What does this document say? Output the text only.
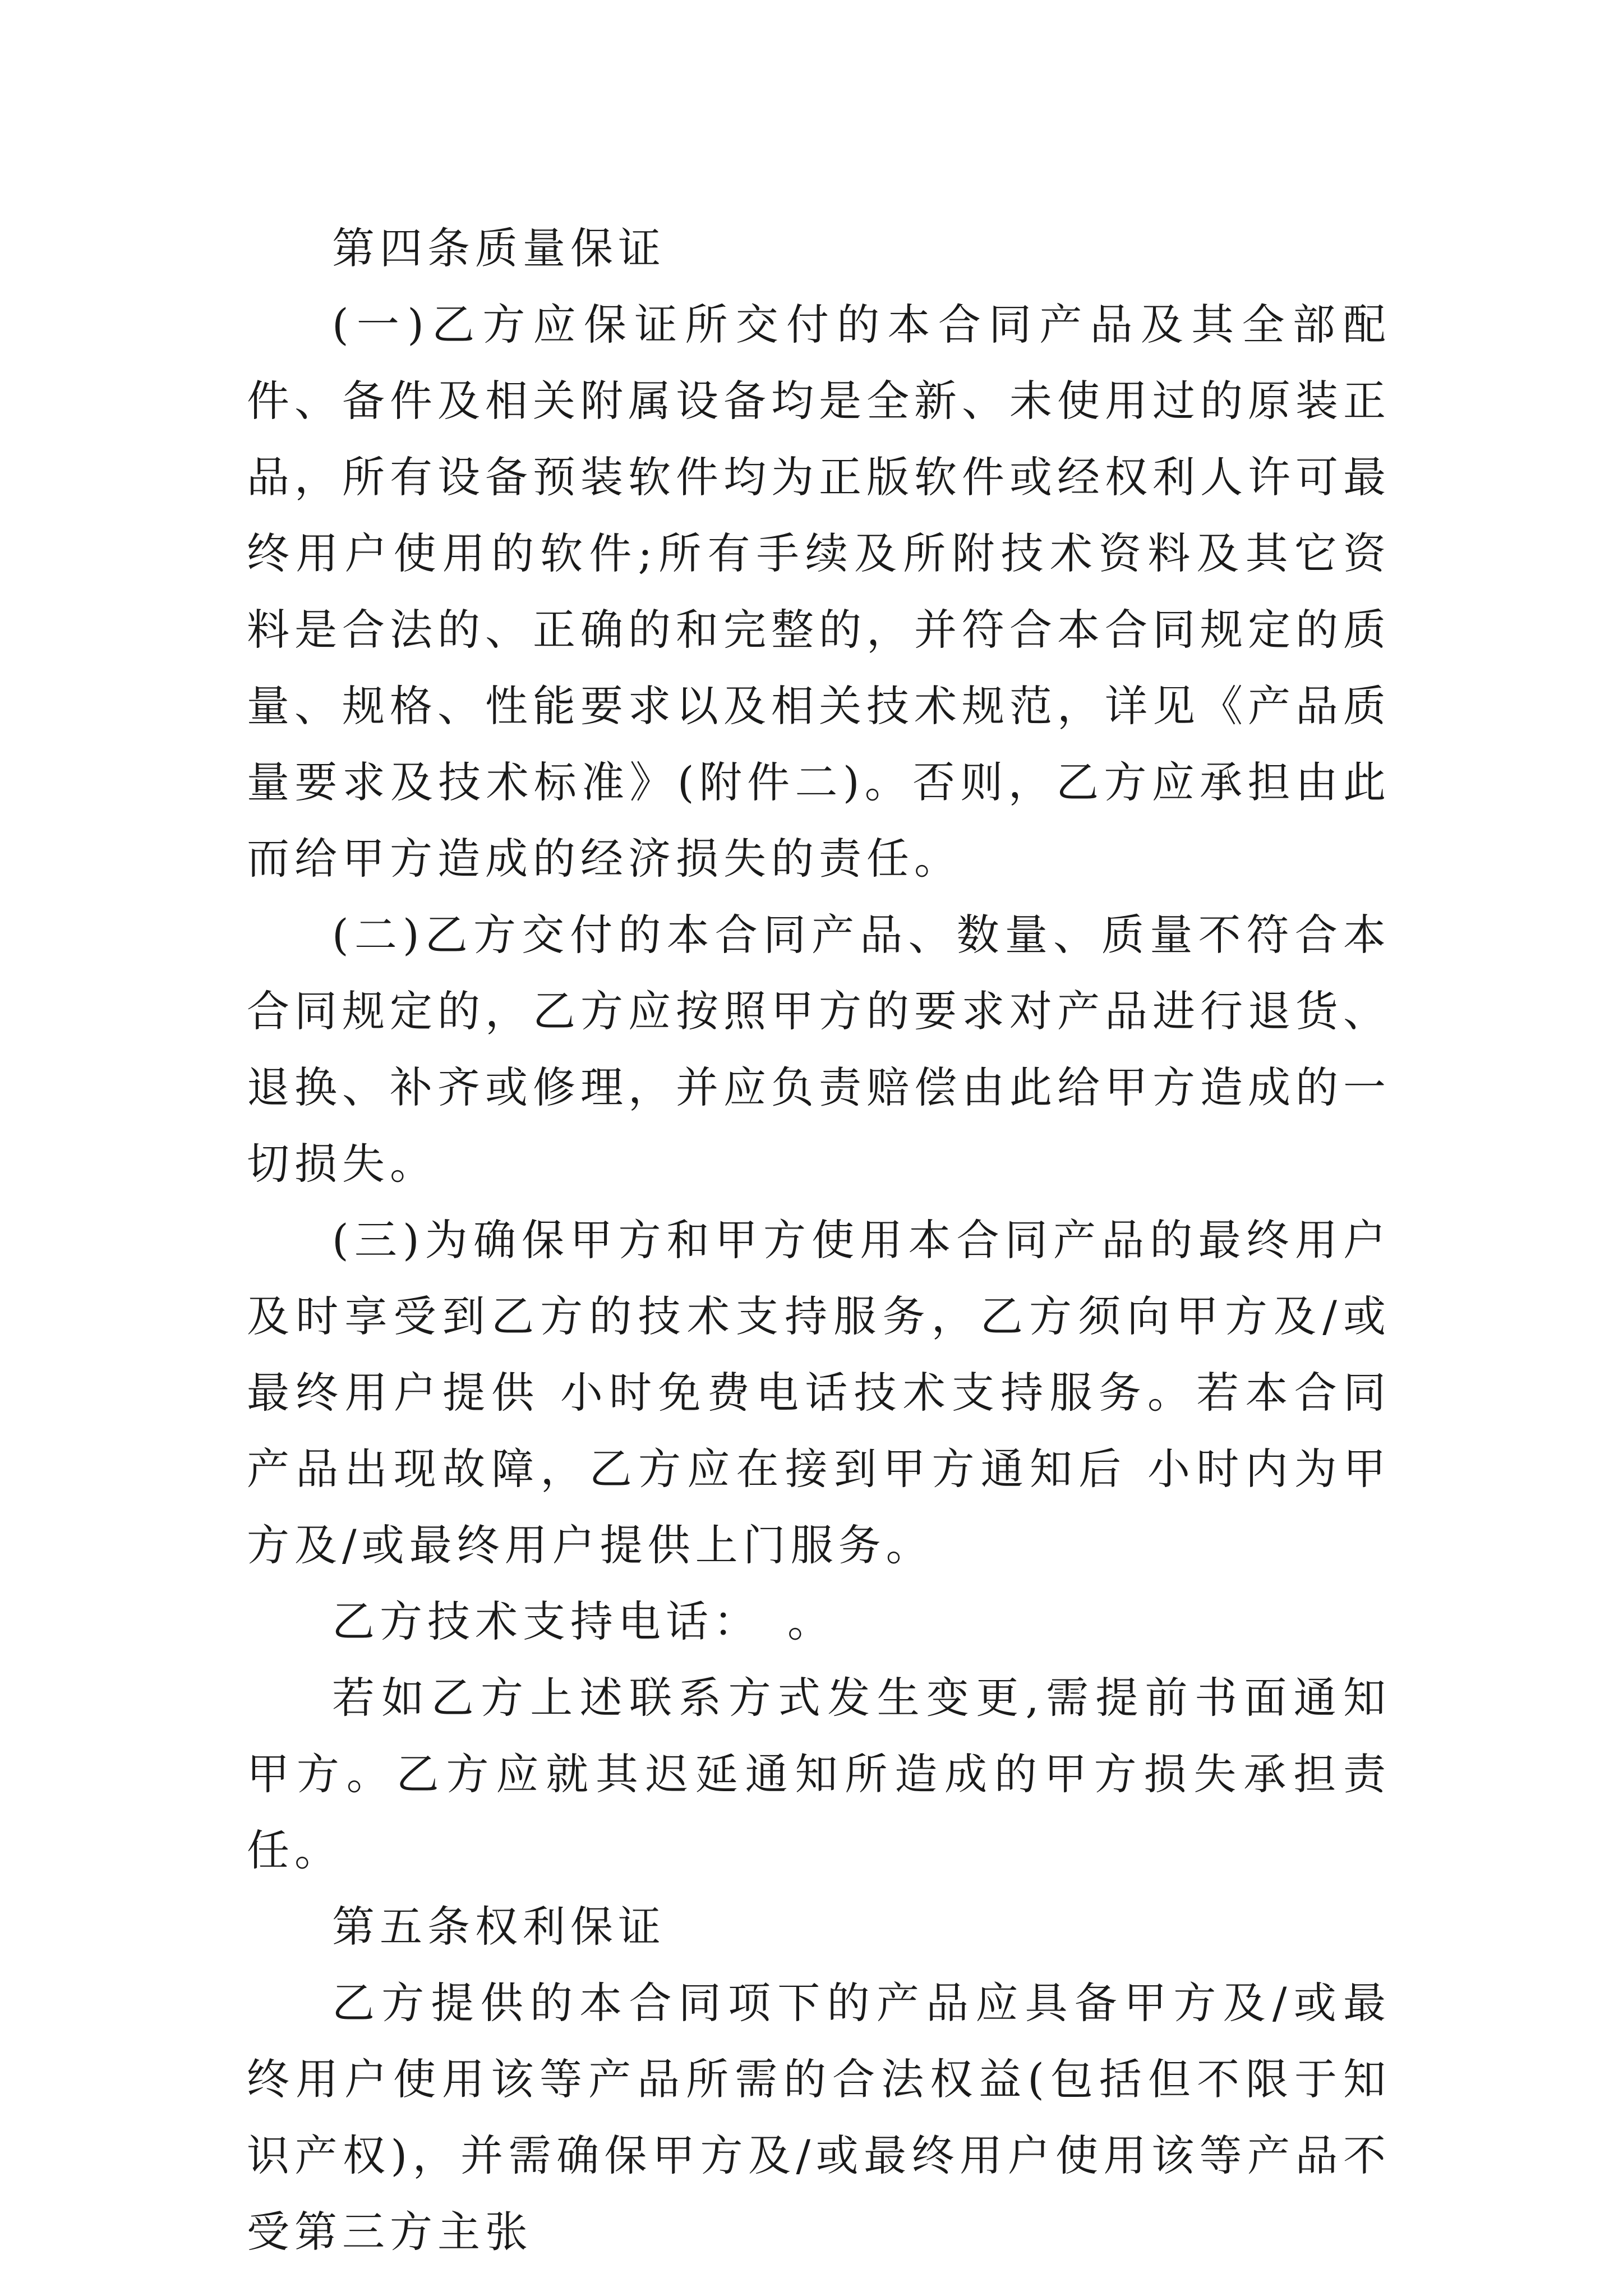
第四条质量保证

(一)乙方应保证所交付的本合同产品及其全部配件、备件及相关附属设备均是全新、未使用过的原装正品，所有设备预装软件均为正版软件或经权利人许可最终用户使用的软件;所有手续及所附技术资料及其它资料是合法的、正确的和完整的，并符合本合同规定的质量、规格、性能要求以及相关技术规范，详见《产品质量要求及技术标准》(附件二)。否则，乙方应承担由此而给甲方造成的经济损失的责任。

(二)乙方交付的本合同产品、数量、质量不符合本合同规定的，乙方应按照甲方的要求对产品进行退货、退换、补齐或修理，并应负责赔偿由此给甲方造成的一切损失。

(三)为确保甲方和甲方使用本合同产品的最终用户及时享受到乙方的技术支持服务，乙方须向甲方及/或最终用户提供 小时免费电话技术支持服务。若本合同产品出现故障，乙方应在接到甲方通知后 小时内为甲方及/或最终用户提供上门服务。

乙方技术支持电话：　。

若如乙方上述联系方式发生变更,需提前书面通知甲方。乙方应就其迟延通知所造成的甲方损失承担责任。

第五条权利保证

乙方提供的本合同项下的产品应具备甲方及/或最终用户使用该等产品所需的合法权益(包括但不限于知识产权)，并需确保甲方及/或最终用户使用该等产品不受第三方主张
